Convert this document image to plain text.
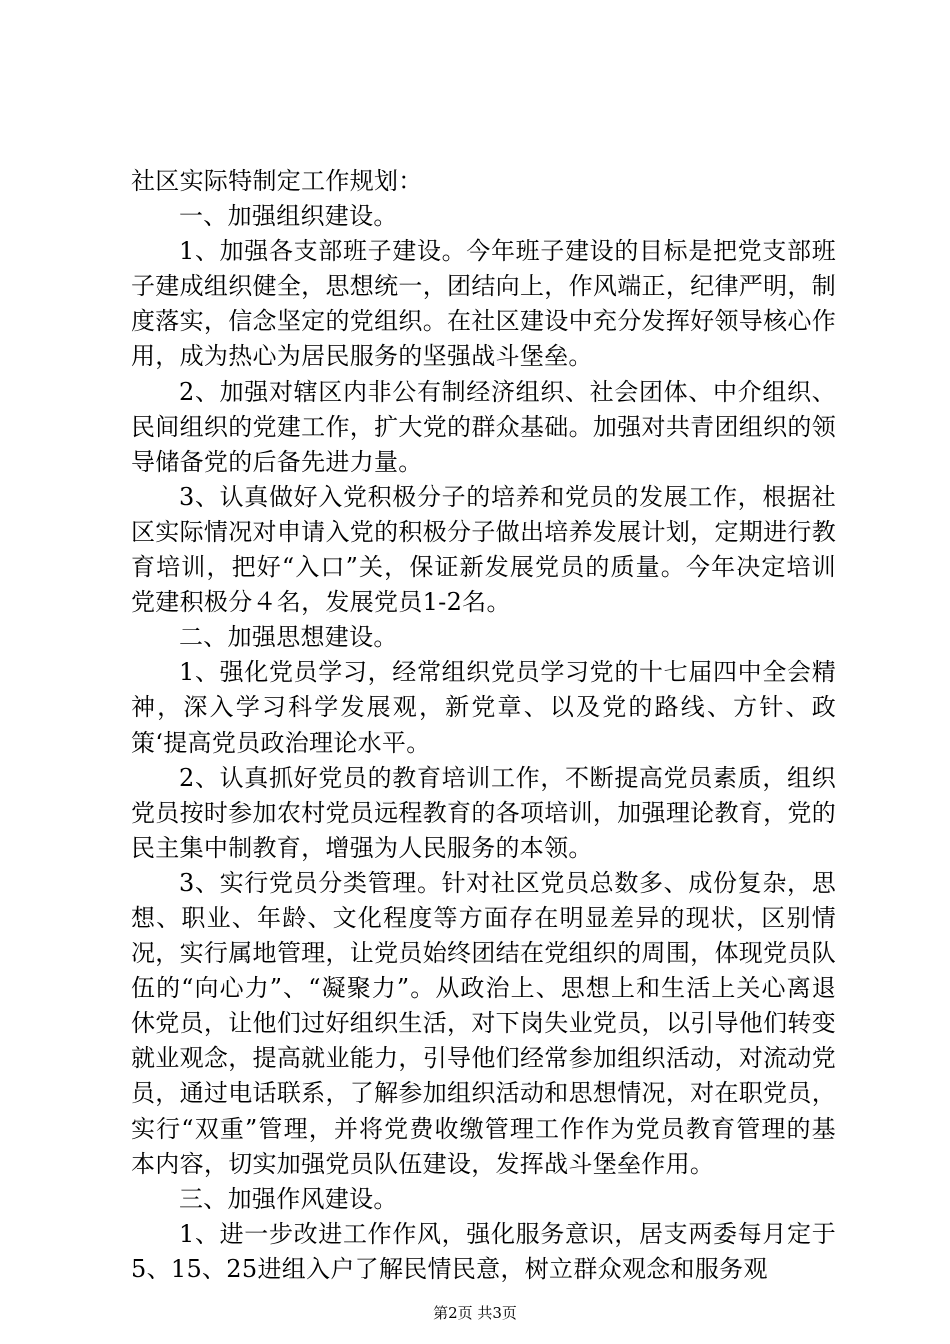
社区实际特制定工作规划：

一、加强组织建设。

1、加强各支部班子建设。今年班子建设的目标是把党支部班子建成组织健全，思想统一，团结向上，作风端正，纪律严明，制度落实，信念坚定的党组织。在社区建设中充分发挥好领导核心作用，成为热心为居民服务的坚强战斗堡垒。

2、加强对辖区内非公有制经济组织、社会团体、中介组织、民间组织的党建工作，扩大党的群众基础。加强对共青团组织的领导储备党的后备先进力量。

3、认真做好入党积极分子的培养和党员的发展工作，根据社区实际情况对申请入党的积极分子做出培养发展计划，定期进行教育培训，把好“入口”关，保证新发展党员的质量。今年决定培训党建积极分４名，发展党员1-2名。

二、加强思想建设。

1、强化党员学习，经常组织党员学习党的十七届四中全会精神，深入学习科学发展观，新党章、以及党的路线、方针、政策‘提高党员政治理论水平。

2、认真抓好党员的教育培训工作，不断提高党员素质，组织党员按时参加农村党员远程教育的各项培训，加强理论教育，党的民主集中制教育，增强为人民服务的本领。

3、实行党员分类管理。针对社区党员总数多、成份复杂，思想、职业、年龄、文化程度等方面存在明显差异的现状，区别情况，实行属地管理，让党员始终团结在党组织的周围，体现党员队伍的“向心力”、“凝聚力”。从政治上、思想上和生活上关心离退休党员，让他们过好组织生活，对下岗失业党员，以引导他们转变就业观念，提高就业能力，引导他们经常参加组织活动，对流动党员，通过电话联系，了解参加组织活动和思想情况，对在职党员，实行“双重”管理，并将党费收缴管理工作作为党员教育管理的基本内容，切实加强党员队伍建设，发挥战斗堡垒作用。

三、加强作风建设。

1、进一步改进工作作风，强化服务意识，居支两委每月定于5、15、25进组入户了解民情民意，树立群众观念和服务观

第2页 共3页
